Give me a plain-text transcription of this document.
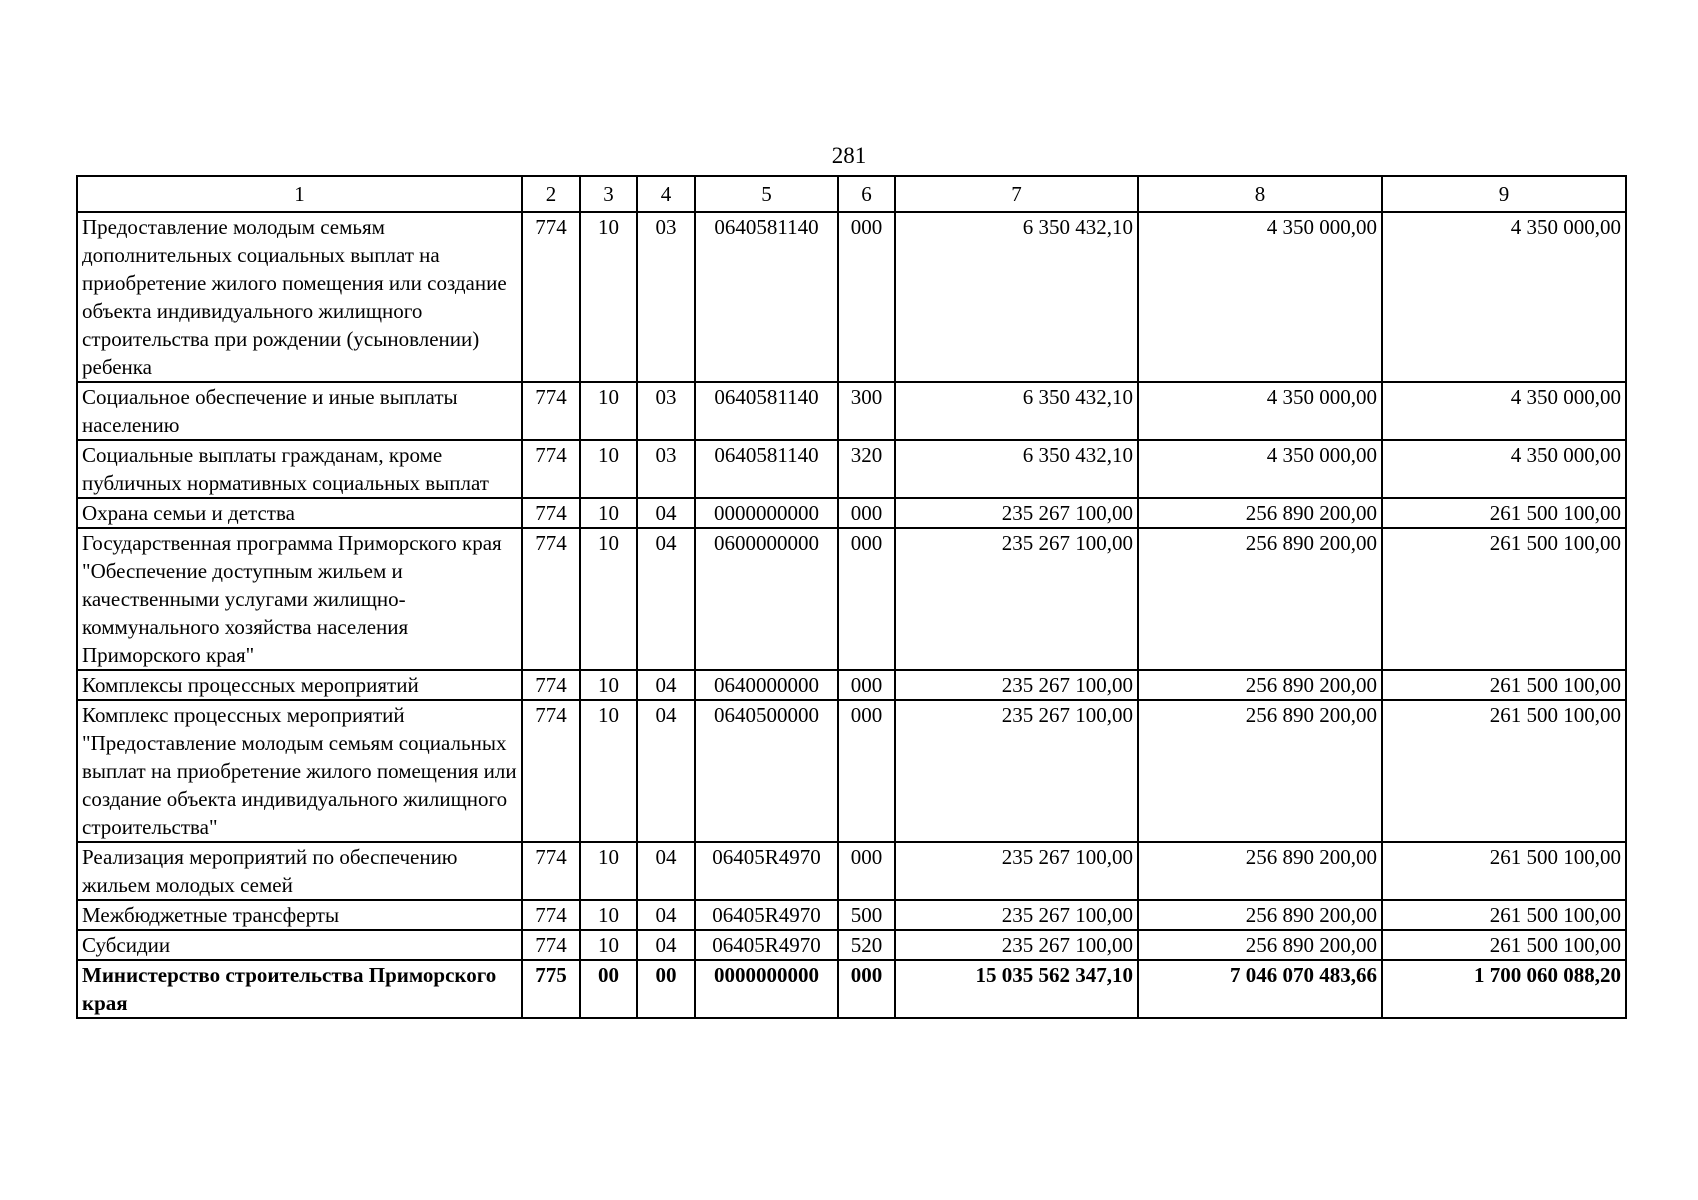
281
1	2	3	4	5	6	7	8	9
Предоставление молодым семьям дополнительных социальных выплат на приобретение жилого помещения или создание объекта индивидуального жилищного строительства при рождении (усыновлении) ребенка	774	10	03	0640581140	000	6 350 432,10	4 350 000,00	4 350 000,00
Социальное обеспечение и иные выплаты населению	774	10	03	0640581140	300	6 350 432,10	4 350 000,00	4 350 000,00
Социальные выплаты гражданам, кроме публичных нормативных социальных выплат	774	10	03	0640581140	320	6 350 432,10	4 350 000,00	4 350 000,00
Охрана семьи и детства	774	10	04	0000000000	000	235 267 100,00	256 890 200,00	261 500 100,00
Государственная программа Приморского края "Обеспечение доступным жильем и качественными услугами жилищно-коммунального хозяйства населения Приморского края"	774	10	04	0600000000	000	235 267 100,00	256 890 200,00	261 500 100,00
Комплексы процессных мероприятий	774	10	04	0640000000	000	235 267 100,00	256 890 200,00	261 500 100,00
Комплекс процессных мероприятий "Предоставление молодым семьям социальных выплат на приобретение жилого помещения или создание объекта индивидуального жилищного строительства"	774	10	04	0640500000	000	235 267 100,00	256 890 200,00	261 500 100,00
Реализация мероприятий по обеспечению жильем молодых семей	774	10	04	06405R4970	000	235 267 100,00	256 890 200,00	261 500 100,00
Межбюджетные трансферты	774	10	04	06405R4970	500	235 267 100,00	256 890 200,00	261 500 100,00
Субсидии	774	10	04	06405R4970	520	235 267 100,00	256 890 200,00	261 500 100,00
Министерство строительства Приморского края	775	00	00	0000000000	000	15 035 562 347,10	7 046 070 483,66	1 700 060 088,20
